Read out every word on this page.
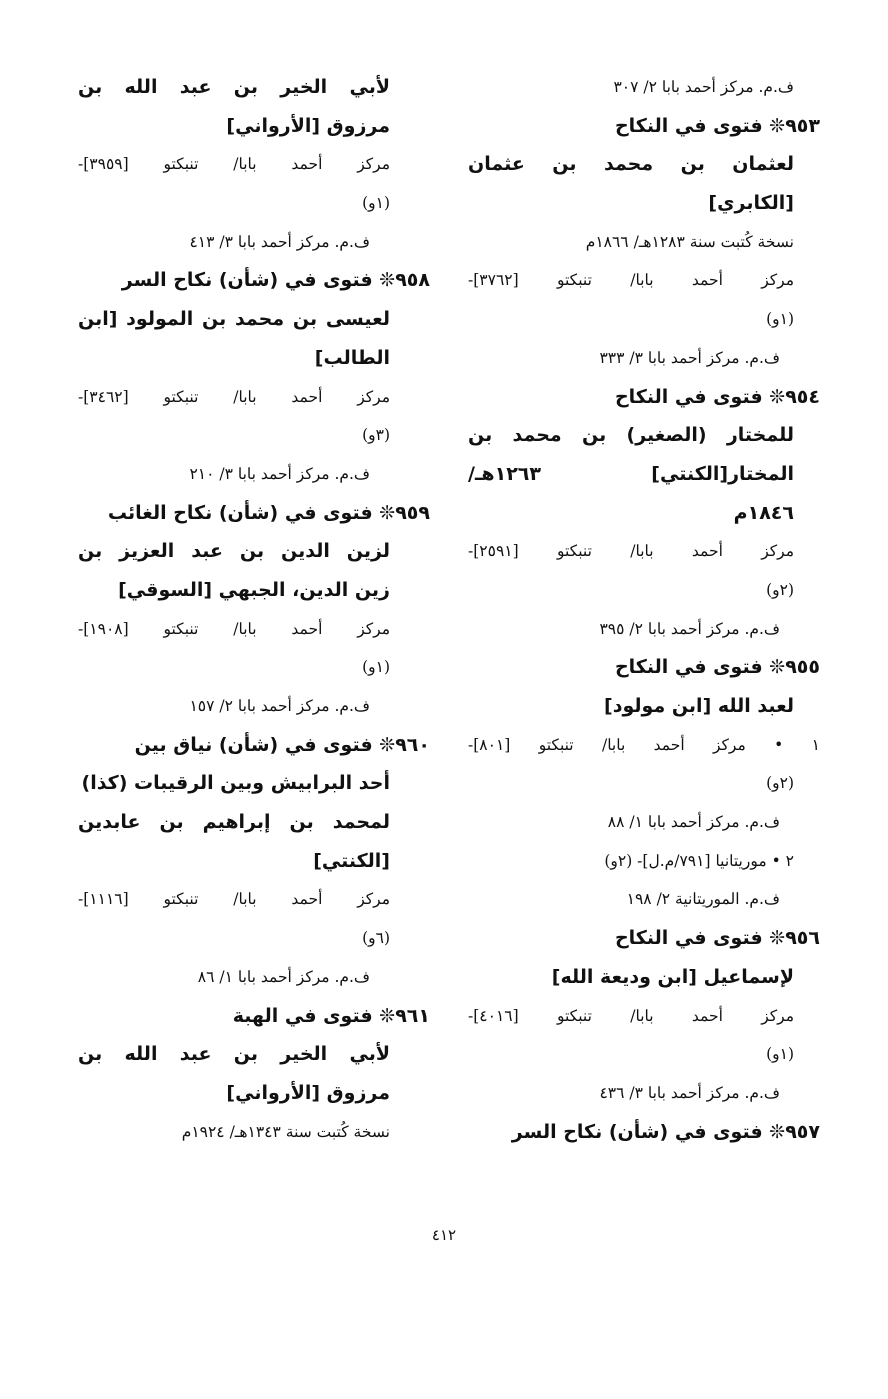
ف.م. مركز أحمد بابا ٢/ ٣٠٧
٩٥٣❊ فتوى في النكاح
لعثمان بن محمد بن عثمان
[الكابري]
نسخة كُتبت سنة ١٢٨٣هـ/ ١٨٦٦م
مركز أحمد بابا/ تنبكتو [٣٧٦٢]-
(١و)
ف.م. مركز أحمد بابا ٣/ ٣٣٣
٩٥٤❊ فتوى في النكاح
للمختار (الصغير) بن محمد بن
المختار[الكنتي] ١٢٦٣هـ/
١٨٤٦م
مركز أحمد بابا/ تنبكتو [٢٥٩١]-
(٢و)
ف.م. مركز أحمد بابا ٢/ ٣٩٥
٩٥٥❊ فتوى في النكاح
لعبد الله [ابن مولود]
١ • مركز أحمد بابا/ تنبكتو [٨٠١]-
(٢و)
ف.م. مركز أحمد بابا ١/ ٨٨
٢ • موريتانيا [٧٩١/م.ل]- (٢و)
ف.م. الموريتانية ٢/ ١٩٨
٩٥٦❊ فتوى في النكاح
لإسماعيل [ابن وديعة الله]
مركز أحمد بابا/ تنبكتو [٤٠١٦]-
(١و)
ف.م. مركز أحمد بابا ٣/ ٤٣٦
٩٥٧❊ فتوى في (شأن) نكاح السر
لأبي الخير بن عبد الله بن
مرزوق [الأرواني]
مركز أحمد بابا/ تنبكتو [٣٩٥٩]-
(١و)
ف.م. مركز أحمد بابا ٣/ ٤١٣
٩٥٨❊ فتوى في (شأن) نكاح السر
لعيسى بن محمد بن المولود [ابن
الطالب]
مركز أحمد بابا/ تنبكتو [٣٤٦٢]-
(٣و)
ف.م. مركز أحمد بابا ٣/ ٢١٠
٩٥٩❊ فتوى في (شأن) نكاح الغائب
لزين الدين بن عبد العزيز بن
زين الدين، الجبهي [السوقي]
مركز أحمد بابا/ تنبكتو [١٩٠٨]-
(١و)
ف.م. مركز أحمد بابا ٢/ ١٥٧
٩٦٠❊ فتوى في (شأن) نياق بين
أحد البرابيش وبين الرقيبات (كذا)
لمحمد بن إبراهيم بن عابدين
[الكنتي]
مركز أحمد بابا/ تنبكتو [١١١٦]-
(٦و)
ف.م. مركز أحمد بابا ١/ ٨٦
٩٦١❊ فتوى في الهبة
لأبي الخير بن عبد الله بن
مرزوق [الأرواني]
نسخة كُتبت سنة ١٣٤٣هـ/ ١٩٢٤م
٤١٢
